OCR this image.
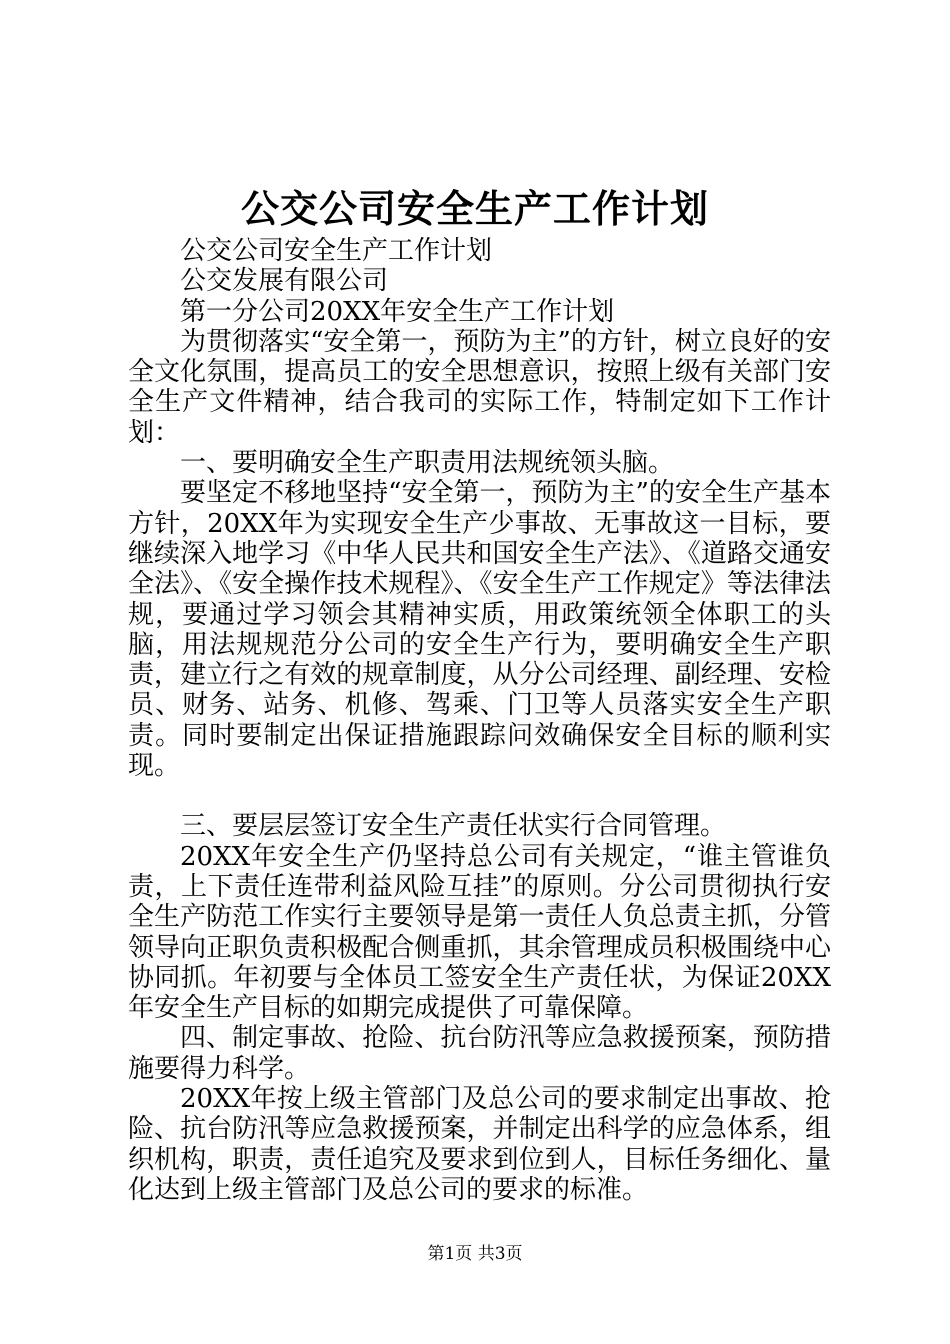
公交公司安全生产工作计划

公交公司安全生产工作计划

公交发展有限公司

第一分公司20XX年安全生产工作计划

为贯彻落实“安全第一，预防为主”的方针，树立良好的安全文化氛围，提高员工的安全思想意识，按照上级有关部门安全生产文件精神，结合我司的实际工作，特制定如下工作计划：

一、要明确安全生产职责用法规统领头脑。

要坚定不移地坚持“安全第一，预防为主”的安全生产基本方针，20XX年为实现安全生产少事故、无事故这一目标，要继续深入地学习《中华人民共和国安全生产法》、《道路交通安全法》、《安全操作技术规程》、《安全生产工作规定》等法律法规，要通过学习领会其精神实质，用政策统领全体职工的头脑，用法规规范分公司的安全生产行为，要明确安全生产职责，建立行之有效的规章制度，从分公司经理、副经理、安检员、财务、站务、机修、驾乘、门卫等人员落实安全生产职责。同时要制定出保证措施跟踪问效确保安全目标的顺利实现。

三、要层层签订安全生产责任状实行合同管理。

20XX年安全生产仍坚持总公司有关规定，“谁主管谁负责，上下责任连带利益风险互挂”的原则。分公司贯彻执行安全生产防范工作实行主要领导是第一责任人负总责主抓，分管领导向正职负责积极配合侧重抓，其余管理成员积极围绕中心协同抓。年初要与全体员工签安全生产责任状，为保证20XX年安全生产目标的如期完成提供了可靠保障。

四、制定事故、抢险、抗台防汛等应急救援预案，预防措施要得力科学。

20XX年按上级主管部门及总公司的要求制定出事故、抢险、抗台防汛等应急救援预案，并制定出科学的应急体系，组织机构，职责，责任追究及要求到位到人，目标任务细化、量化达到上级主管部门及总公司的要求的标准。

第1页 共3页
